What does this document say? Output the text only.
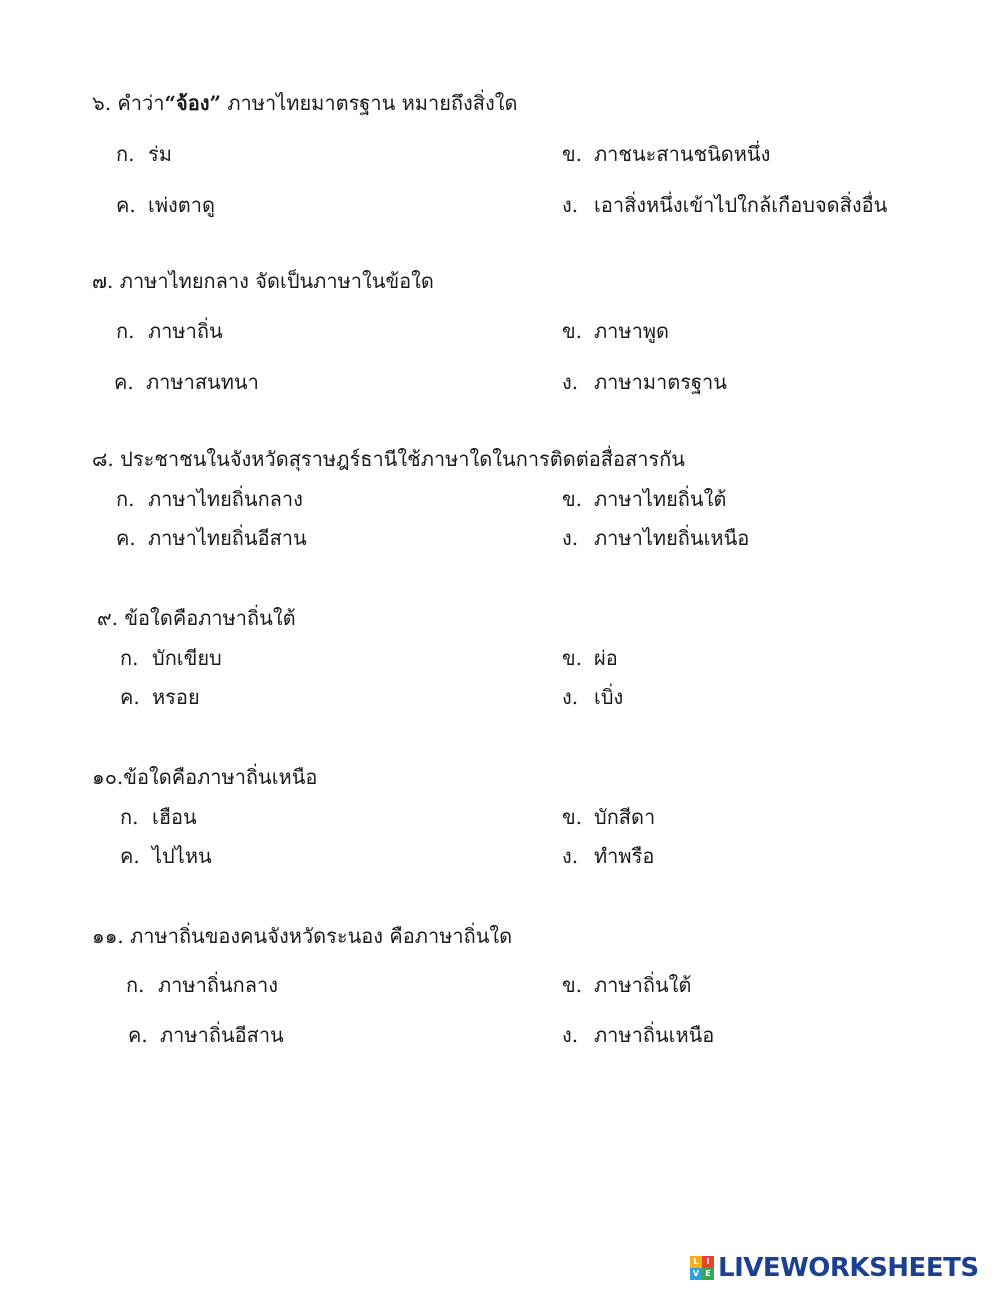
๖. คำว่า“จ้อง” ภาษาไทยมาตรฐาน หมายถึงสิ่งใด
ก. ร่ม	ข. ภาชนะสานชนิดหนึ่ง
ค. เพ่งตาดู	ง. เอาสิ่งหนึ่งเข้าไปใกล้เกือบจดสิ่งอื่น
๗. ภาษาไทยกลาง จัดเป็นภาษาในข้อใด
ก. ภาษาถิ่น	ข. ภาษาพูด
ค. ภาษาสนทนา	ง. ภาษามาตรฐาน
๘. ประชาชนในจังหวัดสุราษฎร์ธานีใช้ภาษาใดในการติดต่อสื่อสารกัน
ก. ภาษาไทยถิ่นกลาง	ข. ภาษาไทยถิ่นใต้
ค. ภาษาไทยถิ่นอีสาน	ง. ภาษาไทยถิ่นเหนือ
๙. ข้อใดคือภาษาถิ่นใต้
ก. บักเขียบ	ข. ผ่อ
ค. หรอย	ง. เบิ่ง
๑๐.ข้อใดคือภาษาถิ่นเหนือ
ก. เฮือน	ข. บักสีดา
ค. ไปไหน	ง. ทำพรือ
๑๑. ภาษาถิ่นของคนจังหวัดระนอง คือภาษาถิ่นใด
ก. ภาษาถิ่นกลาง	ข. ภาษาถิ่นใต้
ค. ภาษาถิ่นอีสาน	ง. ภาษาถิ่นเหนือ
L I
V E LIVEWORKSHEETS
